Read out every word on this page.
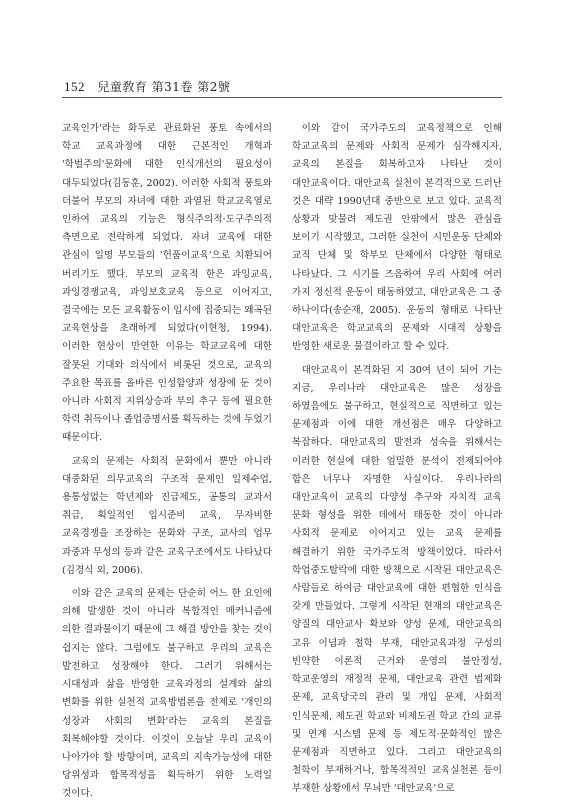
152 兒童敎育 第31卷 第2號

교육인가'라는 화두로 관료화된 풍토 속에서의 학교 교육과정에 대한 근본적인 개혁과 '학벌주의'문화에 대한 인식개선의 필요성이 대두되었다(김동훈, 2002). 이러한 사회적 풍토와 더불어 부모의 자녀에 대한 과열된 학교교육열로 인하여 교육의 기능은 형식주의적·도구주의적 측면으로 전락하게 되었다. 자녀 교육에 대한 관심이 일명 부모들의 '헌품이교육'으로 치환되어 버리기도 했다. 부모의 교육적 한은 과잉교육, 과잉경쟁교육, 과잉보호교육 등으로 이어지고, 결국에는 모든 교육활동이 입시에 집중되는 왜곡된 교육현상을 초래하게 되었다(이현청, 1994). 이러한 현상이 만연한 이유는 학교교육에 대한 잘못된 기대와 의식에서 비롯된 것으로, 교육의 주요한 목표를 올바른 인성함양과 성장에 둔 것이 아니라 사회적 지위상승과 부의 추구 등에 필요한 학력 취득이나 졸업증명서를 획득하는 것에 두었기 때문이다.

교육의 문제는 사회적 문화에서 뿐만 아니라 대중화된 의무교육의 구조적 문제인 일제수업, 용통성없는 학년제와 진급제도, 공통의 교과서 취급, 획일적인 입시준비 교육, 무자비한 교육경쟁을 조장하는 문화와 구조, 교사의 업무 과중과 무성의 등과 같은 교육구조에서도 나타났다(김경식 외, 2006).

이와 같은 교육의 문제는 단순히 어느 한 요인에 의해 발생한 것이 아니라 복합적인 메커니즘에 의한 결과물이기 때문에 그 해결 방안을 찾는 것이 쉽지는 않다. 그럼에도 불구하고 우리의 교육은 발전하고 성장해야 한다. 그러기 위해서는 시대성과 삶을 반영한 교육과정의 설계와 삶의 변화를 위한 실천적 교육방법론을 전제로 '개인의 성장과 사회의 변화'라는 교육의 본질을 회복해야할 것이다. 이것이 오늘날 우리 교육이 나아가야 할 방향이며, 교육의 지속가능성에 대한 당위성과 합목적성을 획득하기 위한 노력일 것이다.

이와 같이 국가주도의 교육정책으로 인해 학교교육의 문제와 사회적 문제가 심각해지자, 교육의 본질을 회복하고자 나타난 것이 대안교육이다. 대안교육 실천이 본격적으로 드러난 것은 대략 1990년대 중반으로 보고 있다. 교육적 상황과 맞물려 제도권 안팎에서 많은 관심을 보이기 시작했고, 그러한 실천이 시민운동 단체와 교직 단체 및 학부모 단체에서 다양한 형태로 나타났다. 그 시기를 즈음하여 우리 사회에 여러 가지 정신적 운동이 태동하였고, 대안교육은 그 중 하나이다(송순재, 2005). 운동의 형태로 나타난 대안교육은 학교교육의 문제와 시대적 상황을 반영한 새로운 물결이라고 할 수 있다.

대안교육이 본격화된 지 30여 년이 되어 가는 지금, 우리나라 대안교육은 많은 성장을 하였음에도 불구하고, 현실적으로 직면하고 있는 문제점과 이에 대한 개선점은 매우 다양하고 복잡하다. 대안교육의 발전과 성숙을 위해서는 이러한 현실에 대한 엄밀한 분석이 전제되어야 함은 너무나 자명한 사실이다. 우리나라의 대안교육이 교육의 다양성 추구와 자치적 교육 문화 형성을 위한 데에서 태동한 것이 아니라 사회적 문제로 이어지고 있는 교육 문제를 해결하기 위한 국가주도적 방책이었다. 따라서 학업중도탈락에 대한 방책으로 시작된 대안교육은 사람들로 하여금 대안교육에 대한 편협한 인식을 갖게 만들었다. 그렇게 시작된 현재의 대안교육은 양질의 대안교사 확보와 양성 문제, 대안교육의 고유 이념과 철학 부재, 대안교육과정 구성의 빈약한 이론적 근거와 운영의 불안정성, 학교운영의 재정적 문제, 대안교육 관련 법제화 문제, 교육당국의 관리 및 개입 문제, 사회적 인식문제, 제도권 학교와 비제도권 학교 간의 교류 및 연계 시스템 문제 등 제도적·문화적인 많은 문제점과 직면하고 있다. 그리고 대안교육의 철학이 부재하거나, 합목적적인 교육실천론 등이 부재한 상황에서 무늬만 '대안교육'으로
